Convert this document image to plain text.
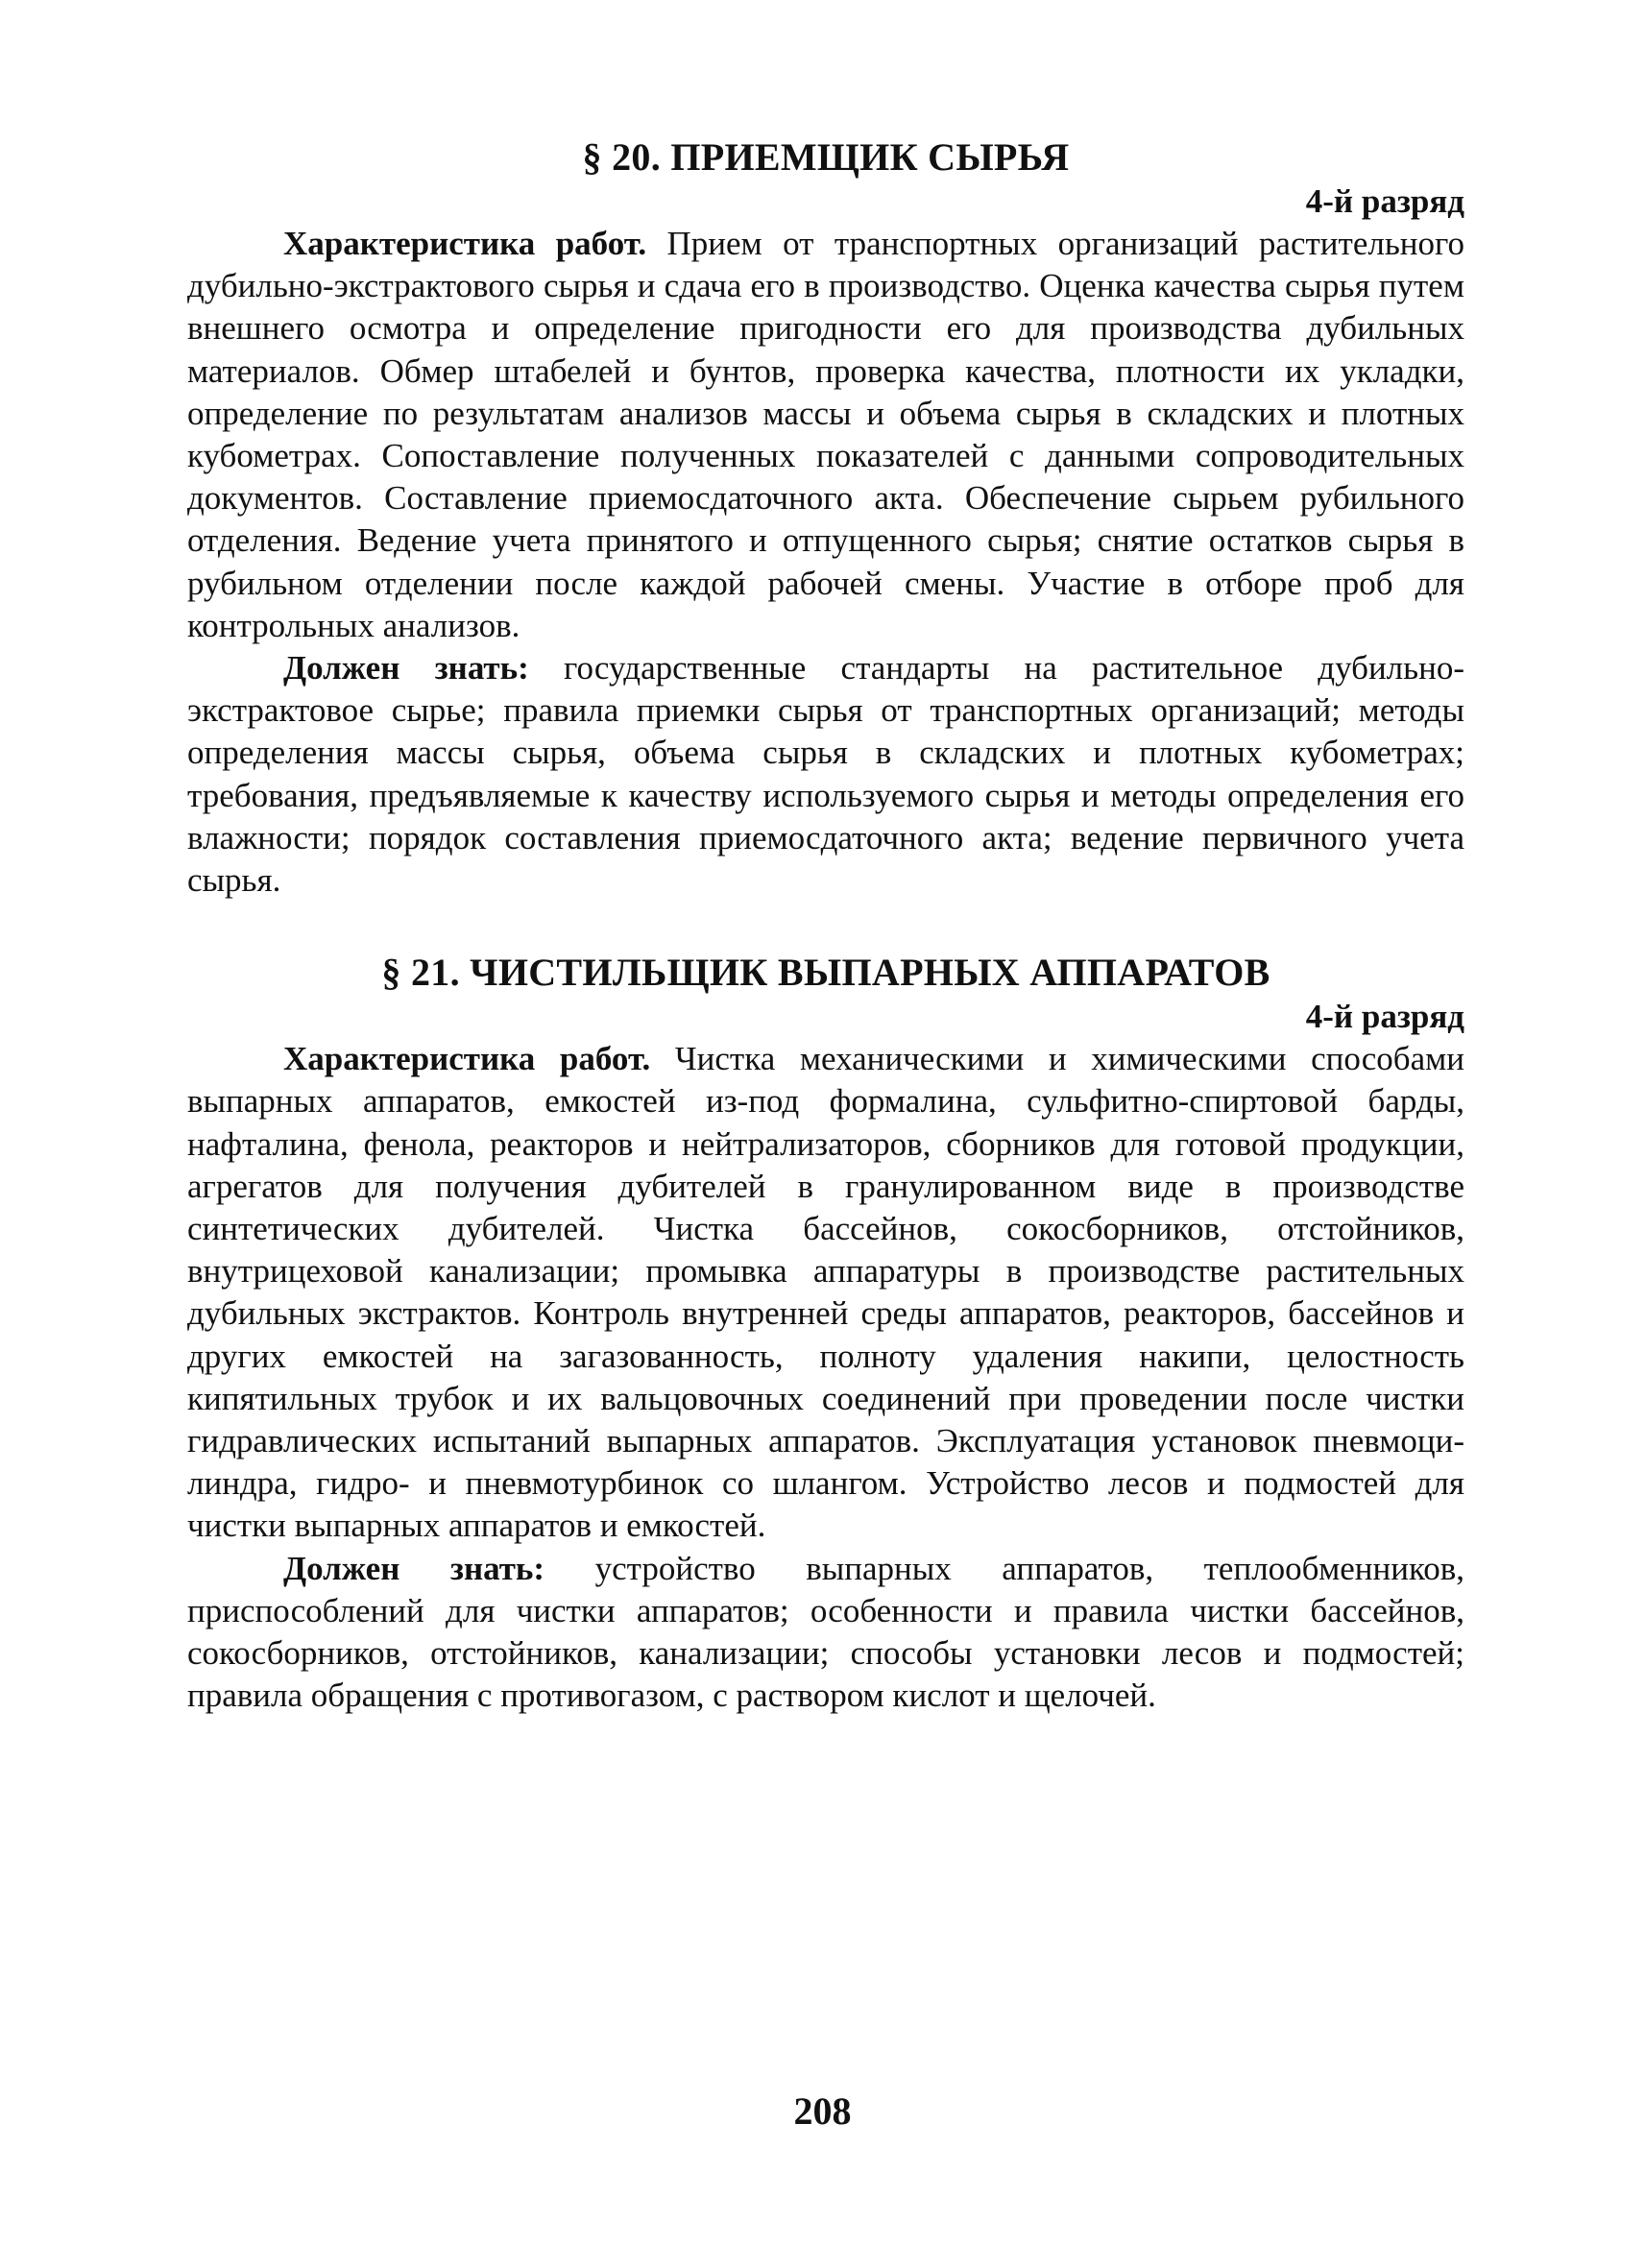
§ 20. ПРИЕМЩИК СЫРЬЯ

4-й разряд

Характеристика работ. Прием от транспортных организаций растительного дубильно-экстрактового сырья и сдача его в производство. Оценка качества сырья путем внешнего осмотра и определение пригодности его для производства дубильных материалов. Обмер штабелей и бунтов, проверка качества, плотности их укладки, определение по результатам анализов массы и объема сырья в складских и плотных кубометрах. Сопоставление полученных показателей с данными сопроводительных документов. Составление приемосдаточного акта. Обеспечение сырьем рубильного отделения. Ведение учета принятого и отпущенного сырья; снятие остатков сырья в рубильном отделении после каждой рабочей смены. Участие в отборе проб для контрольных анализов.

Должен знать: государственные стандарты на растительное дубильно-экстрактовое сырье; правила приемки сырья от транспортных организаций; методы определения массы сырья, объема сырья в складских и плотных кубометрах; требования, предъявляемые к качеству используемого сырья и методы определения его влажности; порядок составления приемосдаточного акта; ведение первичного учета сырья.

§ 21. ЧИСТИЛЬЩИК ВЫПАРНЫХ АППАРАТОВ

4-й разряд

Характеристика работ. Чистка механическими и химическими способами выпарных аппаратов, емкостей из-под формалина, сульфитно-спиртовой барды, нафталина, фенола, реакторов и нейтрализаторов, сборников для готовой продукции, агрегатов для получения дубителей в гранулированном виде в производстве синтетических дубителей. Чистка бассейнов, сокосборников, отстойников, внутрицеховой канализации; промывка аппаратуры в производстве растительных дубильных экстрактов. Контроль внутренней среды аппаратов, реакторов, бассейнов и других емкостей на загазованность, полноту удаления накипи, целостность кипятильных трубок и их вальцовочных соединений при проведении после чистки гидравлических испытаний выпарных аппаратов. Эксплуатация установок пневмоцилиндра, гидро- и пневмотурбинок со шлангом. Устройство лесов и подмостей для чистки выпарных аппаратов и емкостей.

Должен знать: устройство выпарных аппаратов, теплообменников, приспособлений для чистки аппаратов; особенности и правила чистки бассейнов, сокосборников, отстойников, канализации; способы установки лесов и подмостей; правила обращения с противогазом, с раствором кислот и щелочей.

208
